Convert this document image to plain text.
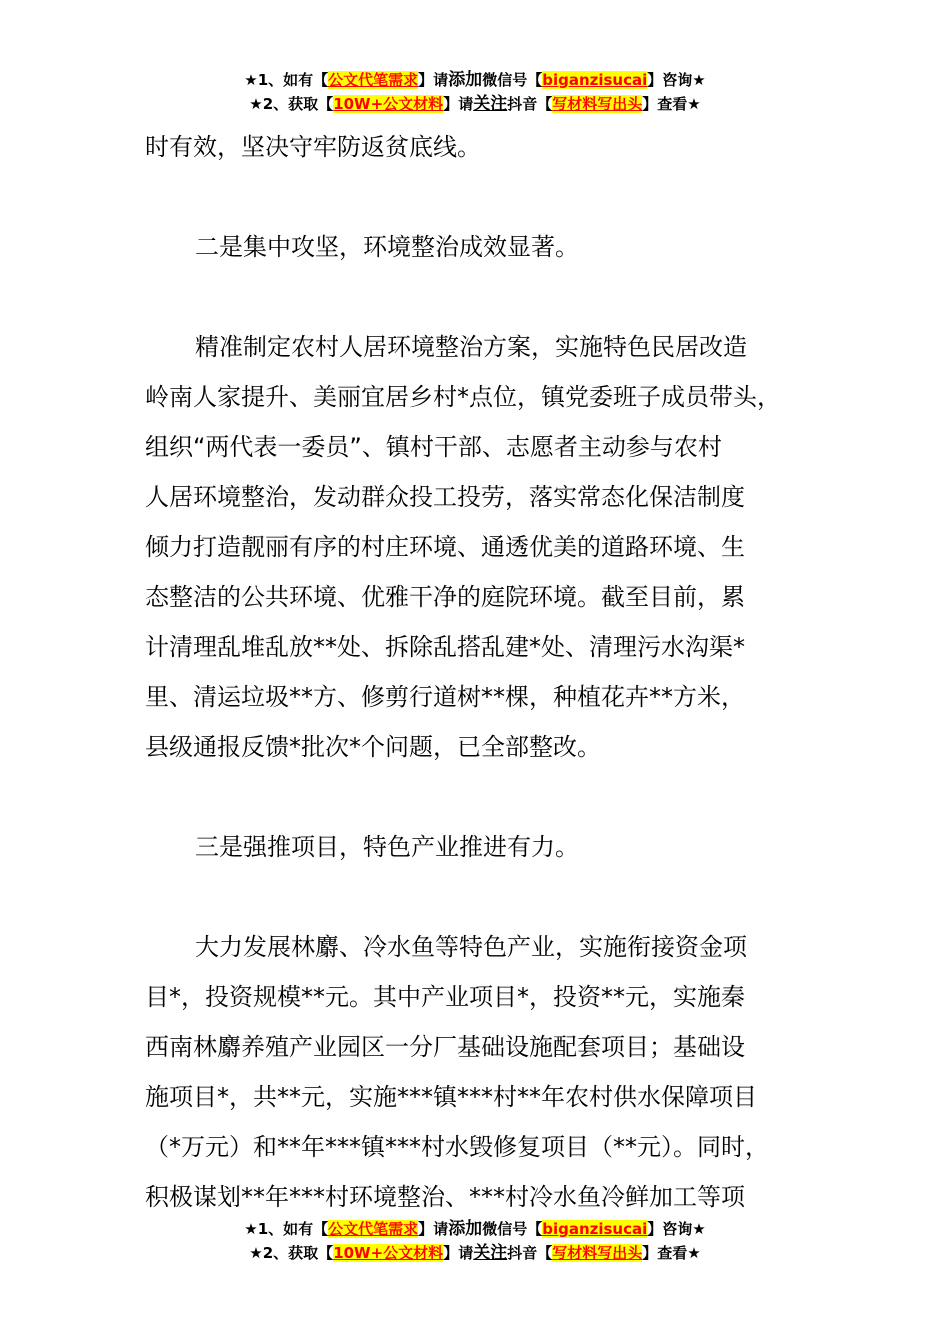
★1、如有【公文代笔需求】请添加微信号【biganzisucai】咨询★
★2、获取【10W+公文材料】请关注抖音【写材料写出头】查看★

时有效，坚决守牢防返贫底线。

二是集中攻坚，环境整治成效显著。

精准制定农村人居环境整治方案，实施特色民居改造

岭南人家提升、美丽宜居乡村*点位，镇党委班子成员带头，

组织“两代表一委员”、镇村干部、志愿者主动参与农村

人居环境整治，发动群众投工投劳，落实常态化保洁制度

倾力打造靓丽有序的村庄环境、通透优美的道路环境、生

态整洁的公共环境、优雅干净的庭院环境。截至目前，累

计清理乱堆乱放**处、拆除乱搭乱建*处、清理污水沟渠*

里、清运垃圾**方、修剪行道树**棵，种植花卉**方米，

县级通报反馈*批次*个问题，已全部整改。

三是强推项目，特色产业推进有力。

大力发展林麝、冷水鱼等特色产业，实施衔接资金项

目*，投资规模**元。其中产业项目*，投资**元，实施秦

西南林麝养殖产业园区一分厂基础设施配套项目；基础设

施项目*，共**元，实施***镇***村**年农村供水保障项目

（*万元）和**年***镇***村水毁修复项目（**元）。同时，

积极谋划**年***村环境整治、***村冷水鱼冷鲜加工等项

★1、如有【公文代笔需求】请添加微信号【biganzisucai】咨询★
★2、获取【10W+公文材料】请关注抖音【写材料写出头】查看★
